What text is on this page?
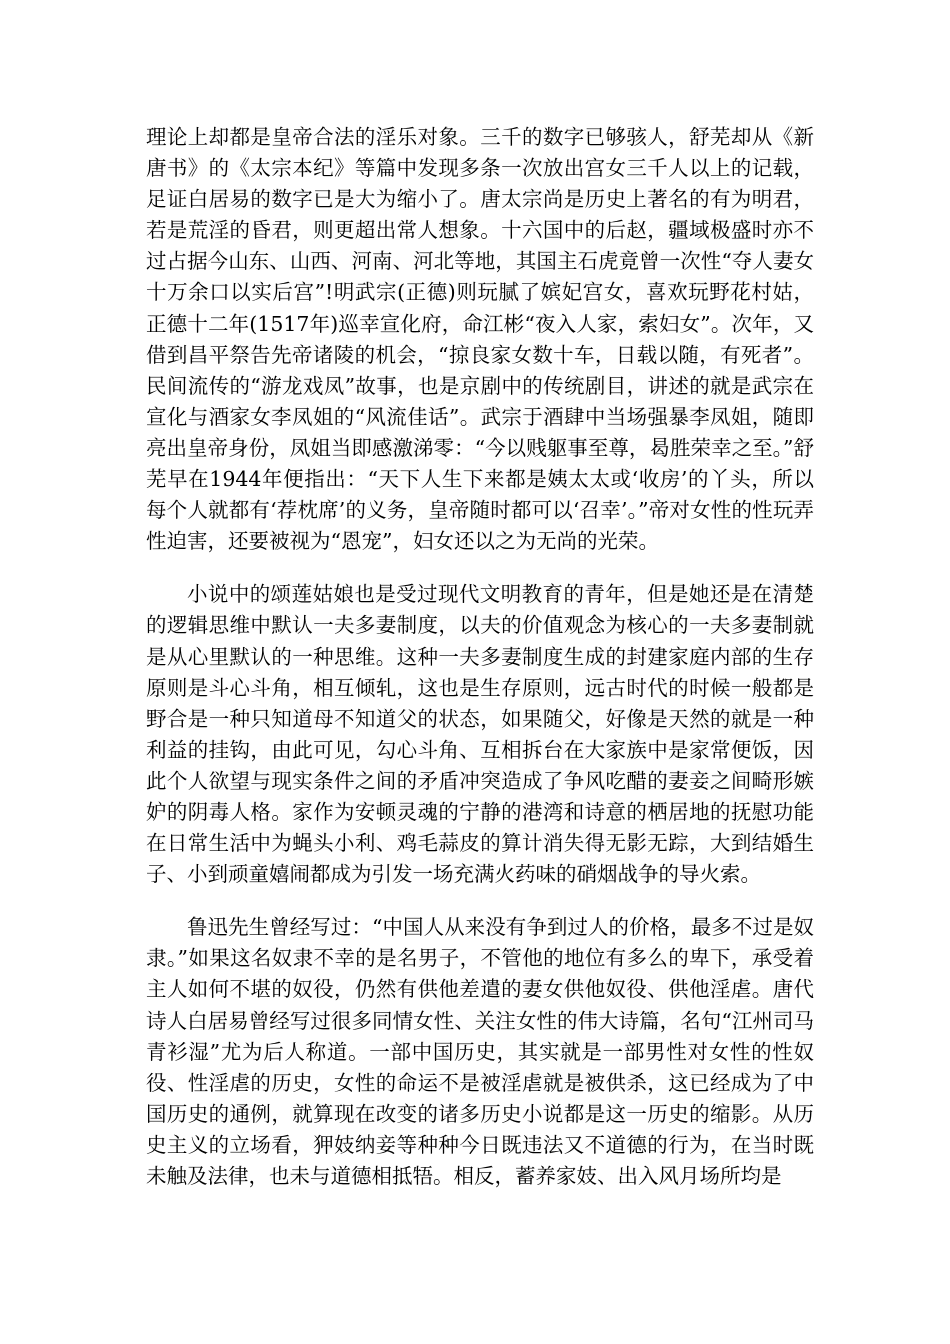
理论上却都是皇帝合法的淫乐对象。三千的数字已够骇人，舒芜却从《新唐书》的《太宗本纪》等篇中发现多条一次放出宫女三千人以上的记载，足证白居易的数字已是大为缩小了。唐太宗尚是历史上著名的有为明君，若是荒淫的昏君，则更超出常人想象。十六国中的后赵，疆域极盛时亦不过占据今山东、山西、河南、河北等地，其国主石虎竟曾一次性“夺人妻女十万余口以实后宫”!明武宗(正德)则玩腻了嫔妃宫女，喜欢玩野花村姑，正德十二年(1517年)巡幸宣化府，命江彬“夜入人家，索妇女”。次年，又借到昌平祭告先帝诸陵的机会，“掠良家女数十车，日载以随，有死者”。民间流传的“游龙戏凤”故事，也是京剧中的传统剧目，讲述的就是武宗在宣化与酒家女李凤姐的“风流佳话”。武宗于酒肆中当场强暴李凤姐，随即亮出皇帝身份，凤姐当即感激涕零：“今以贱躯事至尊，曷胜荣幸之至。”舒芜早在1944年便指出：“天下人生下来都是姨太太或‘收房’的丫头，所以每个人就都有‘荐枕席’的义务，皇帝随时都可以‘召幸’。”帝对女性的性玩弄性迫害，还要被视为“恩宠”，妇女还以之为无尚的光荣。

小说中的颂莲姑娘也是受过现代文明教育的青年，但是她还是在清楚的逻辑思维中默认一夫多妻制度，以夫的价值观念为核心的一夫多妻制就是从心里默认的一种思维。这种一夫多妻制度生成的封建家庭内部的生存原则是斗心斗角，相互倾轧，这也是生存原则，远古时代的时候一般都是野合是一种只知道母不知道父的状态，如果随父，好像是天然的就是一种利益的挂钩，由此可见，勾心斗角、互相拆台在大家族中是家常便饭，因此个人欲望与现实条件之间的矛盾冲突造成了争风吃醋的妻妾之间畸形嫉妒的阴毒人格。家作为安顿灵魂的宁静的港湾和诗意的栖居地的抚慰功能在日常生活中为蝇头小利、鸡毛蒜皮的算计消失得无影无踪，大到结婚生子、小到顽童嬉闹都成为引发一场充满火药味的硝烟战争的导火索。

鲁迅先生曾经写过：“中国人从来没有争到过人的价格，最多不过是奴隶。”如果这名奴隶不幸的是名男子，不管他的地位有多么的卑下，承受着主人如何不堪的奴役，仍然有供他差遣的妻女供他奴役、供他淫虐。唐代诗人白居易曾经写过很多同情女性、关注女性的伟大诗篇，名句“江州司马青衫湿”尤为后人称道。一部中国历史，其实就是一部男性对女性的性奴役、性淫虐的历史，女性的命运不是被淫虐就是被供杀，这已经成为了中国历史的通例，就算现在改变的诸多历史小说都是这一历史的缩影。从历史主义的立场看，狎妓纳妾等种种今日既违法又不道德的行为，在当时既未触及法律，也未与道德相抵牾。相反，蓄养家妓、出入风月场所均是
